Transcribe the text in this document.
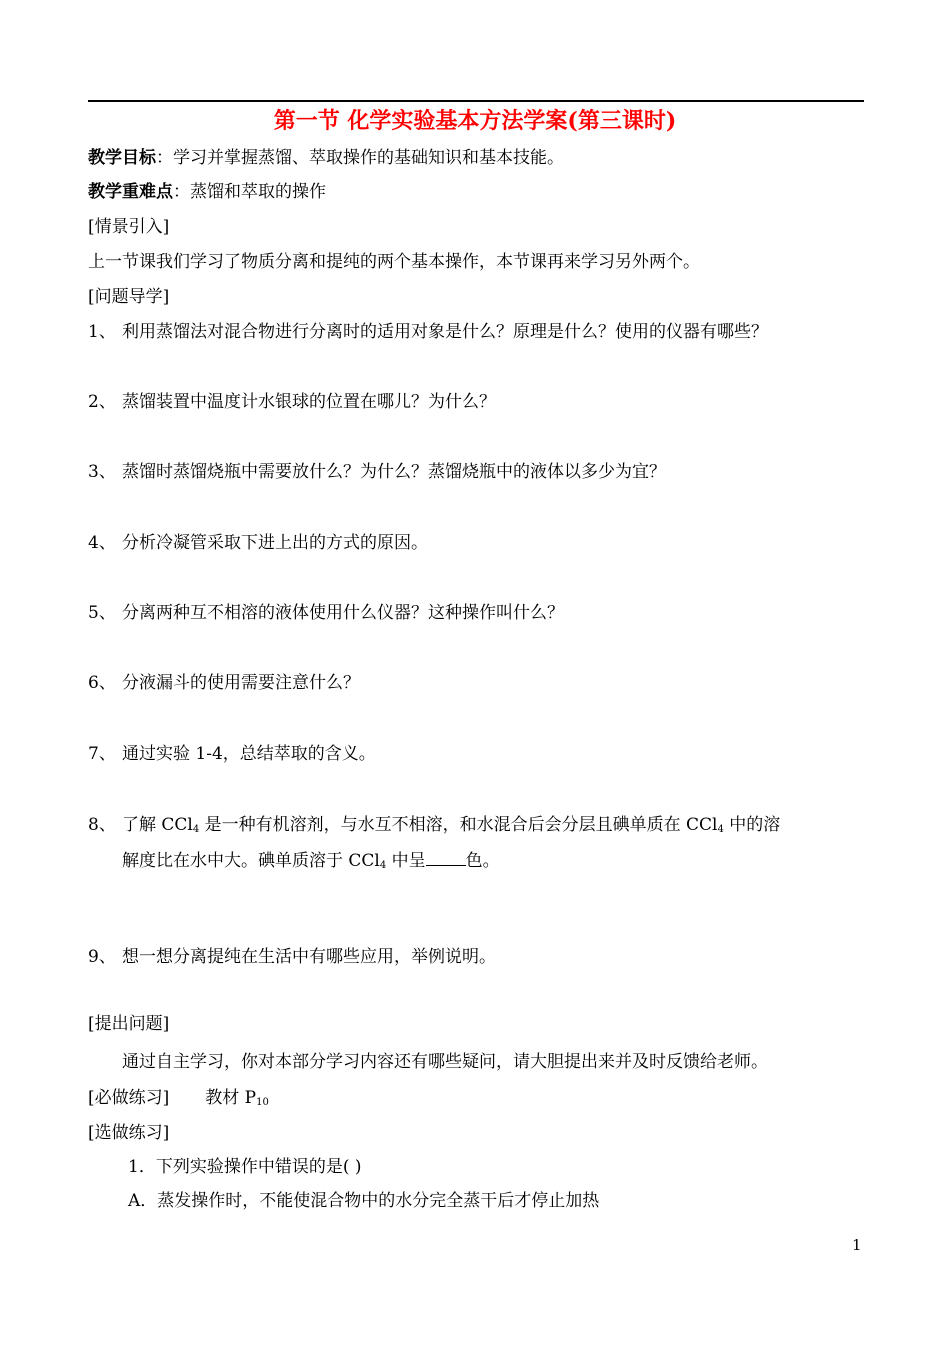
第一节 化学实验基本方法学案(第三课时)
教学目标：学习并掌握蒸馏、萃取操作的基础知识和基本技能。
教学重难点：蒸馏和萃取的操作
[情景引入]
上一节课我们学习了物质分离和提纯的两个基本操作，本节课再来学习另外两个。
[问题导学]
1、 利用蒸馏法对混合物进行分离时的适用对象是什么？原理是什么？使用的仪器有哪些？
2、 蒸馏装置中温度计水银球的位置在哪儿？为什么？
3、 蒸馏时蒸馏烧瓶中需要放什么？为什么？蒸馏烧瓶中的液体以多少为宜？
4、 分析冷凝管采取下进上出的方式的原因。
5、 分离两种互不相溶的液体使用什么仪器？这种操作叫什么？
6、 分液漏斗的使用需要注意什么？
7、 通过实验 1-4，总结萃取的含义。
8、 了解 CCl$_4$ 是一种有机溶剂，与水互不相溶，和水混合后会分层且碘单质在 CCl$_4$ 中的溶
解度比在水中大。碘单质溶于 CCl$_4$ 中呈 色。
9、 想一想分离提纯在生活中有哪些应用，举例说明。
[提出问题]
通过自主学习，你对本部分学习内容还有哪些疑问，请大胆提出来并及时反馈给老师。
[必做练习] 教材 $P_{10}$
[选做练习]
1．下列实验操作中错误的是( )
A．蒸发操作时，不能使混合物中的水分完全蒸干后才停止加热
1
